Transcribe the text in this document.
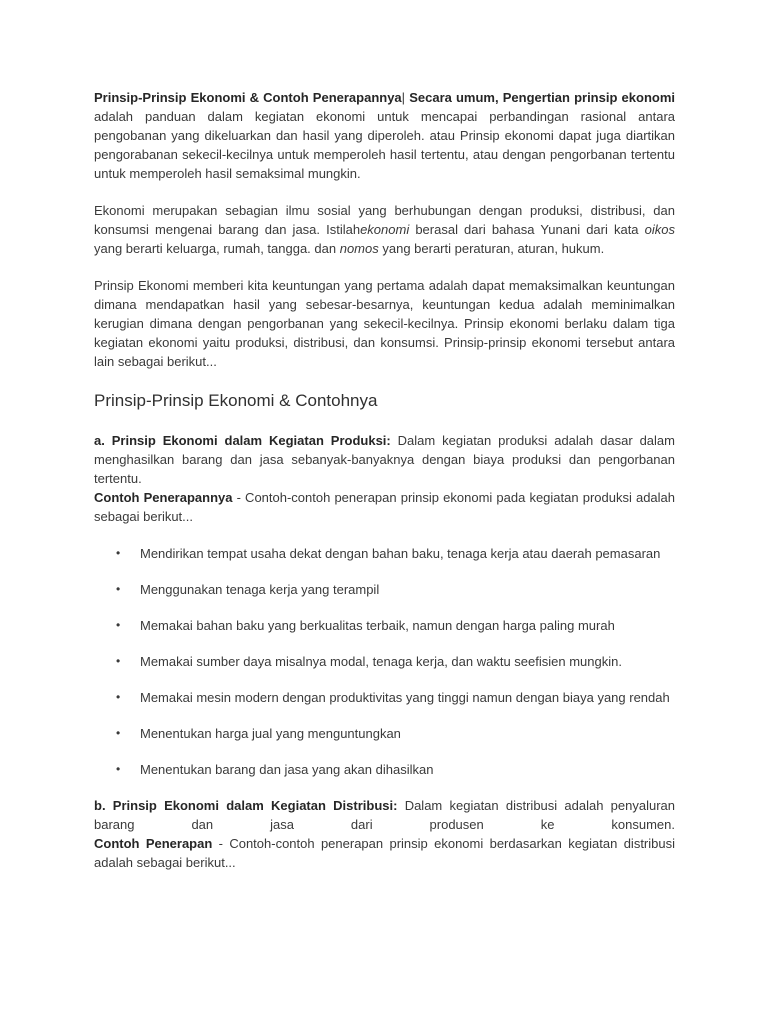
Prinsip-Prinsip Ekonomi & Contoh Penerapannya| Secara umum, Pengertian prinsip ekonomi adalah panduan dalam kegiatan ekonomi untuk mencapai perbandingan rasional antara pengobanan yang dikeluarkan dan hasil yang diperoleh. atau Prinsip ekonomi dapat juga diartikan pengorabanan sekecil-kecilnya untuk memperoleh hasil tertentu, atau dengan pengorbanan tertentu untuk memperoleh hasil semaksimal mungkin.

Ekonomi merupakan sebagian ilmu sosial yang berhubungan dengan produksi, distribusi, dan konsumsi mengenai barang dan jasa. Istilahekonomi berasal dari bahasa Yunani dari kata oikos yang berarti keluarga, rumah, tangga. dan nomos yang berarti peraturan, aturan, hukum.

Prinsip Ekonomi memberi kita keuntungan yang pertama adalah dapat memaksimalkan keuntungan dimana mendapatkan hasil yang sebesar-besarnya, keuntungan kedua adalah meminimalkan kerugian dimana dengan pengorbanan yang sekecil-kecilnya. Prinsip ekonomi berlaku dalam tiga kegiatan ekonomi yaitu produksi, distribusi, dan konsumsi. Prinsip-prinsip ekonomi tersebut antara lain sebagai berikut...

Prinsip-Prinsip Ekonomi & Contohnya

a. Prinsip Ekonomi dalam Kegiatan Produksi: Dalam kegiatan produksi adalah dasar dalam menghasilkan barang dan jasa sebanyak-banyaknya dengan biaya produksi dan pengorbanan tertentu.

Contoh Penerapannya - Contoh-contoh penerapan prinsip ekonomi pada kegiatan produksi adalah sebagai berikut...

• Mendirikan tempat usaha dekat dengan bahan baku, tenaga kerja atau daerah pemasaran
• Menggunakan tenaga kerja yang terampil
• Memakai bahan baku yang berkualitas terbaik, namun dengan harga paling murah
• Memakai sumber daya misalnya modal, tenaga kerja, dan waktu seefisien mungkin.
• Memakai mesin modern dengan produktivitas yang tinggi namun dengan biaya yang rendah
• Menentukan harga jual yang menguntungkan
• Menentukan barang dan jasa yang akan dihasilkan

b. Prinsip Ekonomi dalam Kegiatan Distribusi: Dalam kegiatan distribusi adalah penyaluran barang dan jasa dari produsen ke konsumen.

Contoh Penerapan - Contoh-contoh penerapan prinsip ekonomi berdasarkan kegiatan distribusi adalah sebagai berikut...
